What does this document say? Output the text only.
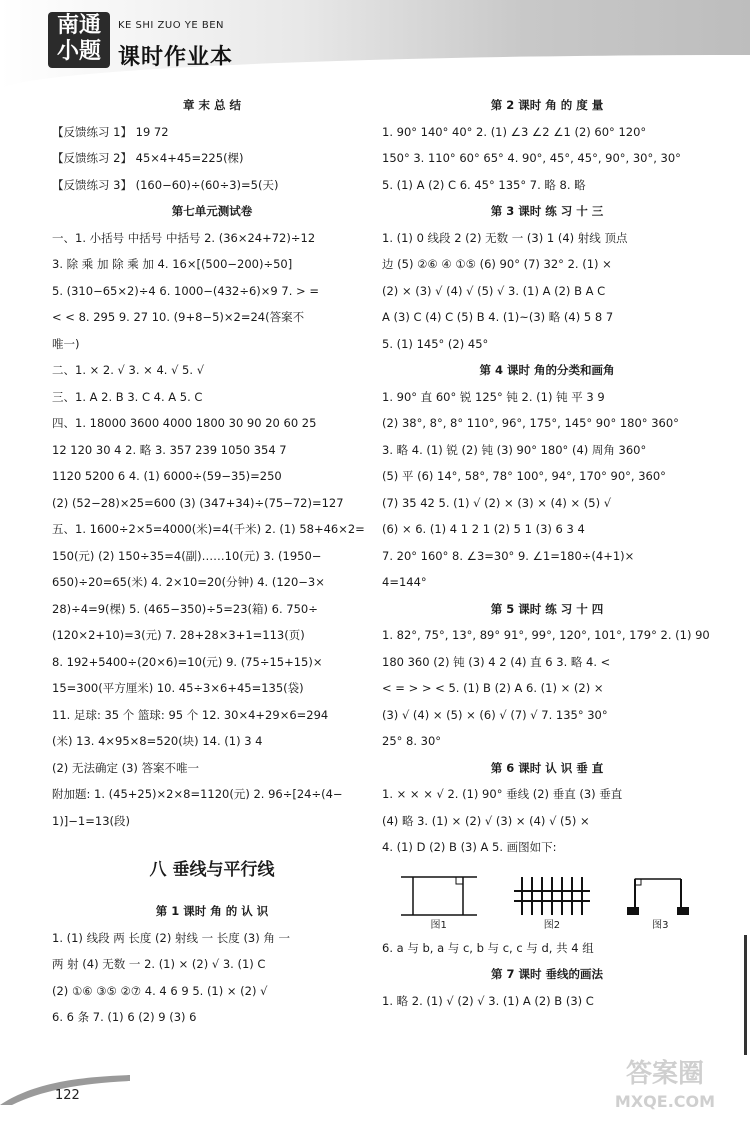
南通
小题
KE SHI ZUO YE BEN
课时作业本
章 末 总 结
【反馈练习 1】 19 72
【反馈练习 2】 45×4+45=225(棵)
【反馈练习 3】 (160−60)÷(60÷3)=5(天)
第七单元测试卷
一、1. 小括号 中括号 中括号 2. (36×24+72)÷12
3. 除 乘 加 除 乘 加 4. 16×[(500−200)÷50]
5. (310−65×2)÷4 6. 1000−(432÷6)×9 7. > =
< < 8. 295 9. 27 10. (9+8−5)×2=24(答案不
唯一)
二、1. × 2. √ 3. × 4. √ 5. √
三、1. A 2. B 3. C 4. A 5. C
四、1. 18000 3600 4000 1800 30 90 20 60 25
12 120 30 4 2. 略 3. 357 239 1050 354 7
1120 5200 6 4. (1) 6000÷(59−35)=250
(2) (52−28)×25=600 (3) (347+34)÷(75−72)=127
五、1. 1600÷2×5=4000(米)=4(千米) 2. (1) 58+46×2=
150(元) (2) 150÷35=4(副)……10(元) 3. (1950−
650)÷20=65(米) 4. 2×10=20(分钟) 4. (120−3×
28)÷4=9(棵) 5. (465−350)÷5=23(箱) 6. 750÷
(120×2+10)=3(元) 7. 28+28×3+1=113(页)
8. 192+5400÷(20×6)=10(元) 9. (75÷15+15)×
15=300(平方厘米) 10. 45÷3×6+45=135(袋)
11. 足球: 35 个 篮球: 95 个 12. 30×4+29×6=294
(米) 13. 4×95×8=520(块) 14. (1) 3 4
(2) 无法确定 (3) 答案不唯一
附加题: 1. (45+25)×2×8=1120(元) 2. 96÷[24÷(4−
1)]−1=13(段)
八 垂线与平行线
第 1 课时 角 的 认 识
1. (1) 线段 两 长度 (2) 射线 一 长度 (3) 角 一
两 射 (4) 无数 一 2. (1) × (2) √ 3. (1) C
(2) ①⑥ ③⑤ ②⑦ 4. 4 6 9 5. (1) × (2) √
6. 6 条 7. (1) 6 (2) 9 (3) 6
第 2 课时 角 的 度 量
1. 90° 140° 40° 2. (1) ∠3 ∠2 ∠1 (2) 60° 120°
150° 3. 110° 60° 65° 4. 90°, 45°, 45°, 90°, 30°, 30°
5. (1) A (2) C 6. 45° 135° 7. 略 8. 略
第 3 课时 练 习 十 三
1. (1) 0 线段 2 (2) 无数 一 (3) 1 (4) 射线 顶点
边 (5) ②⑥ ④ ①⑤ (6) 90° (7) 32° 2. (1) ×
(2) × (3) √ (4) √ (5) √ 3. (1) A (2) B A C
A (3) C (4) C (5) B 4. (1)~(3) 略 (4) 5 8 7
5. (1) 145° (2) 45°
第 4 课时 角的分类和画角
1. 90° 直 60° 锐 125° 钝 2. (1) 钝 平 3 9
(2) 38°, 8°, 8° 110°, 96°, 175°, 145° 90° 180° 360°
3. 略 4. (1) 锐 (2) 钝 (3) 90° 180° (4) 周角 360°
(5) 平 (6) 14°, 58°, 78° 100°, 94°, 170° 90°, 360°
(7) 35 42 5. (1) √ (2) × (3) × (4) × (5) √
(6) × 6. (1) 4 1 2 1 (2) 5 1 (3) 6 3 4
7. 20° 160° 8. ∠3=30° 9. ∠1=180÷(4+1)×
4=144°
第 5 课时 练 习 十 四
1. 82°, 75°, 13°, 89° 91°, 99°, 120°, 101°, 179° 2. (1) 90
180 360 (2) 钝 (3) 4 2 (4) 直 6 3. 略 4. <
< = > > < 5. (1) B (2) A 6. (1) × (2) ×
(3) √ (4) × (5) × (6) √ (7) √ 7. 135° 30°
25° 8. 30°
第 6 课时 认 识 垂 直
1. × × × √ 2. (1) 90° 垂线 (2) 垂直 (3) 垂直
(4) 略 3. (1) × (2) √ (3) × (4) √ (5) ×
4. (1) D (2) B (3) A 5. 画图如下:
图1	图2	图3
6. a 与 b, a 与 c, b 与 c, c 与 d, 共 4 组
第 7 课时 垂线的画法
1. 略 2. (1) √ (2) √ 3. (1) A (2) B (3) C
122
答案圈
MXQE.COM
